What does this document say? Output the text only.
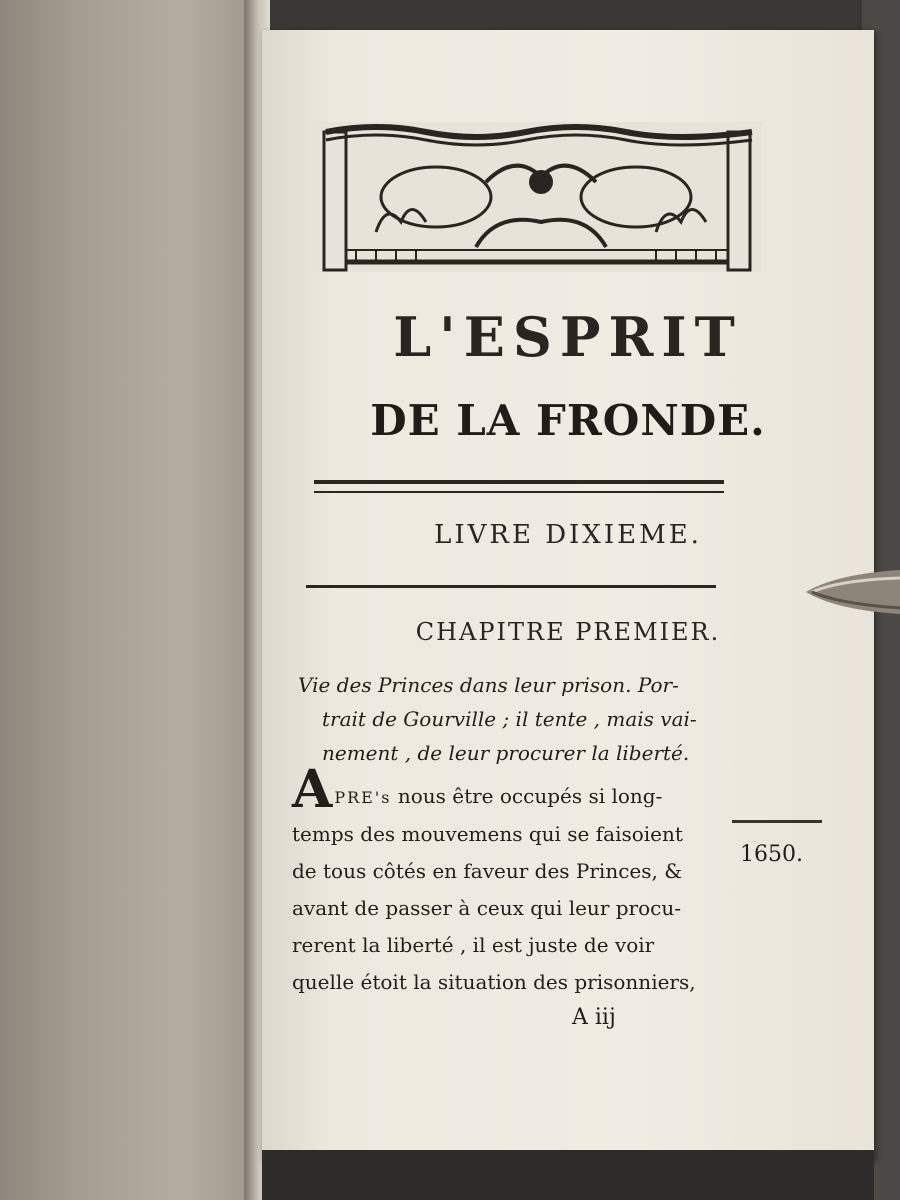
L'ESPRIT
DE LA FRONDE.
LIVRE DIXIEME.
CHAPITRE PREMIER.
Vie des Princes dans leur prison. Por-
trait de Gourville ; il tente , mais vai-
nement , de leur procurer la liberté.
APRE's nous être occupés si long-
temps des mouvemens qui se faisoient
de tous côtés en faveur des Princes, &
avant de passer à ceux qui leur procu-
rerent la liberté , il est juste de voir
quelle étoit la situation des prisonniers,
1650.
A iij
